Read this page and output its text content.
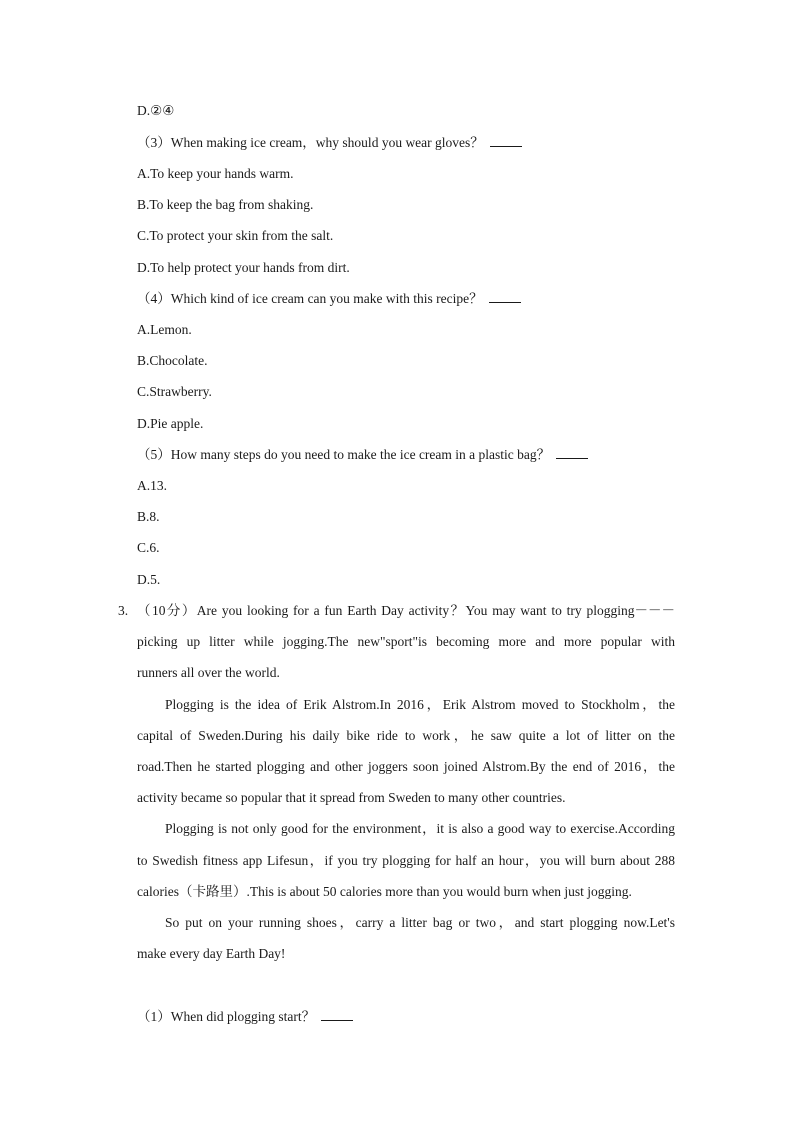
D.②④
（3）When making ice cream，why should you wear gloves？
A.To keep your hands warm.
B.To keep the bag from shaking.
C.To protect your skin from the salt.
D.To help protect your hands from dirt.
（4）Which kind of ice cream can you make with this recipe？
A.Lemon.
B.Chocolate.
C.Strawberry.
D.Pie apple.
（5）How many steps do you need to make the ice cream in a plastic bag？
A.13.
B.8.
C.6.
D.5.
3. （10分）Are you looking for a fun Earth Day activity？You may want to try plogging－－－
picking up litter while jogging.The new"sport"is becoming more and more popular with
runners all over the world.
Plogging is the idea of Erik Alstrom.In 2016，Erik Alstrom moved to Stockholm，the
capital of Sweden.During his daily bike ride to work，he saw quite a lot of litter on the
road.Then he started plogging and other joggers soon joined Alstrom.By the end of 2016，the
activity became so popular that it spread from Sweden to many other countries.
Plogging is not only good for the environment，it is also a good way to exercise.According
to Swedish fitness app Lifesun，if you try plogging for half an hour，you will burn about 288
calories（卡路里）.This is about 50 calories more than you would burn when just jogging.
So put on your running shoes，carry a litter bag or two，and start plogging now.Let's
make every day Earth Day!
（1）When did plogging start？
